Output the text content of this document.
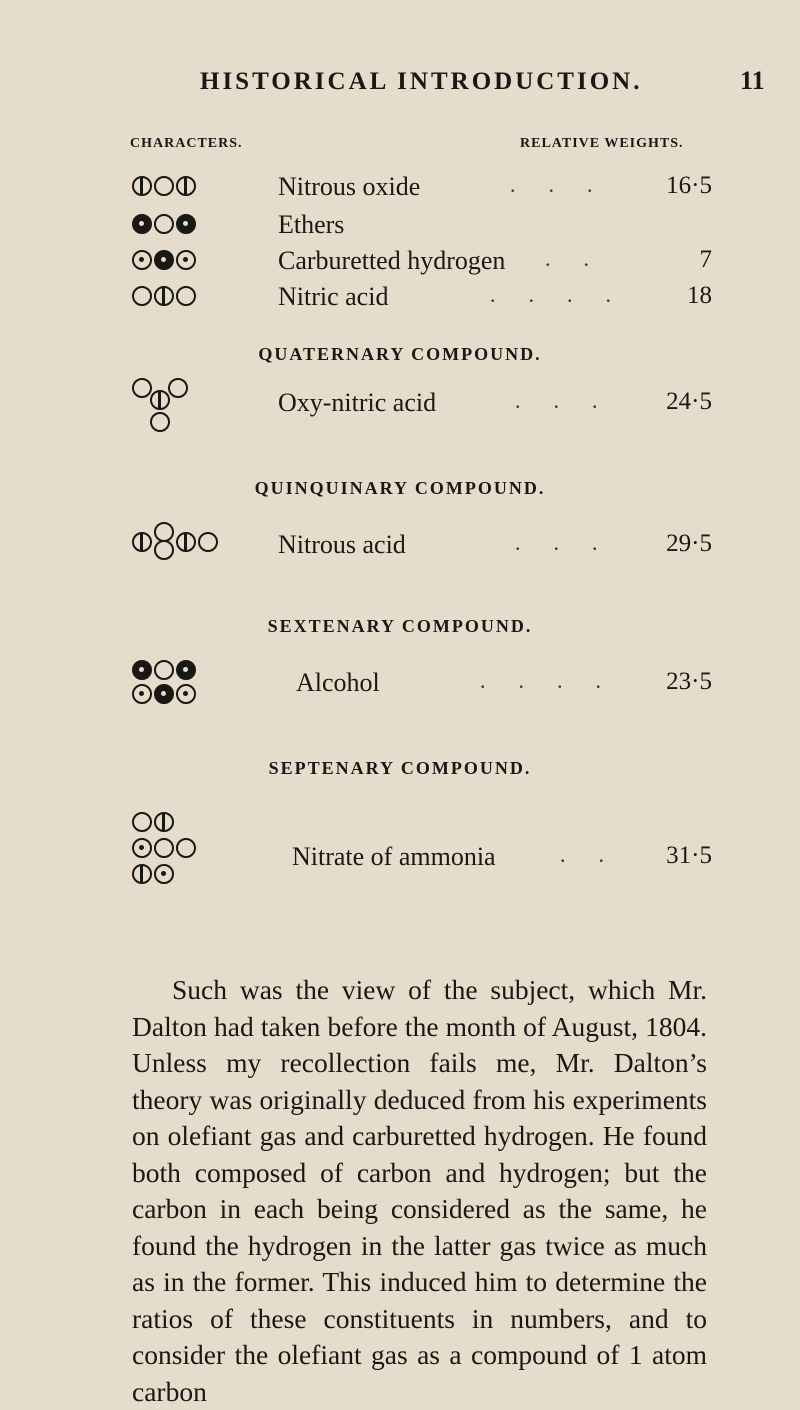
HISTORICAL INTRODUCTION.	11
CHARACTERS.	RELATIVE WEIGHTS.
Nitrous oxide	.      .      .	16·5
Ethers
Carburetted hydrogen .      .	7
Nitric acid	.      .      .      .	18
QUATERNARY COMPOUND.
Oxy-nitric acid	.      .      .	24·5
QUINQUINARY COMPOUND.
Nitrous acid	.      .      .	29·5
SEXTENARY COMPOUND.
Alcohol	.      .      .      .	23·5
SEPTENARY COMPOUND.
Nitrate of ammonia	.      .	31·5

Such was the view of the subject, which Mr. Dalton had taken before the month of August, 1804. Unless my recollection fails me, Mr. Dalton’s theory was originally deduced from his experiments on olefiant gas and carburetted hydrogen. He found both composed of carbon and hydrogen; but the carbon in each being considered as the same, he found the hydrogen in the latter gas twice as much as in the former. This induced him to determine the ratios of these constituents in numbers, and to consider the olefiant gas as a compound of 1 atom carbon
